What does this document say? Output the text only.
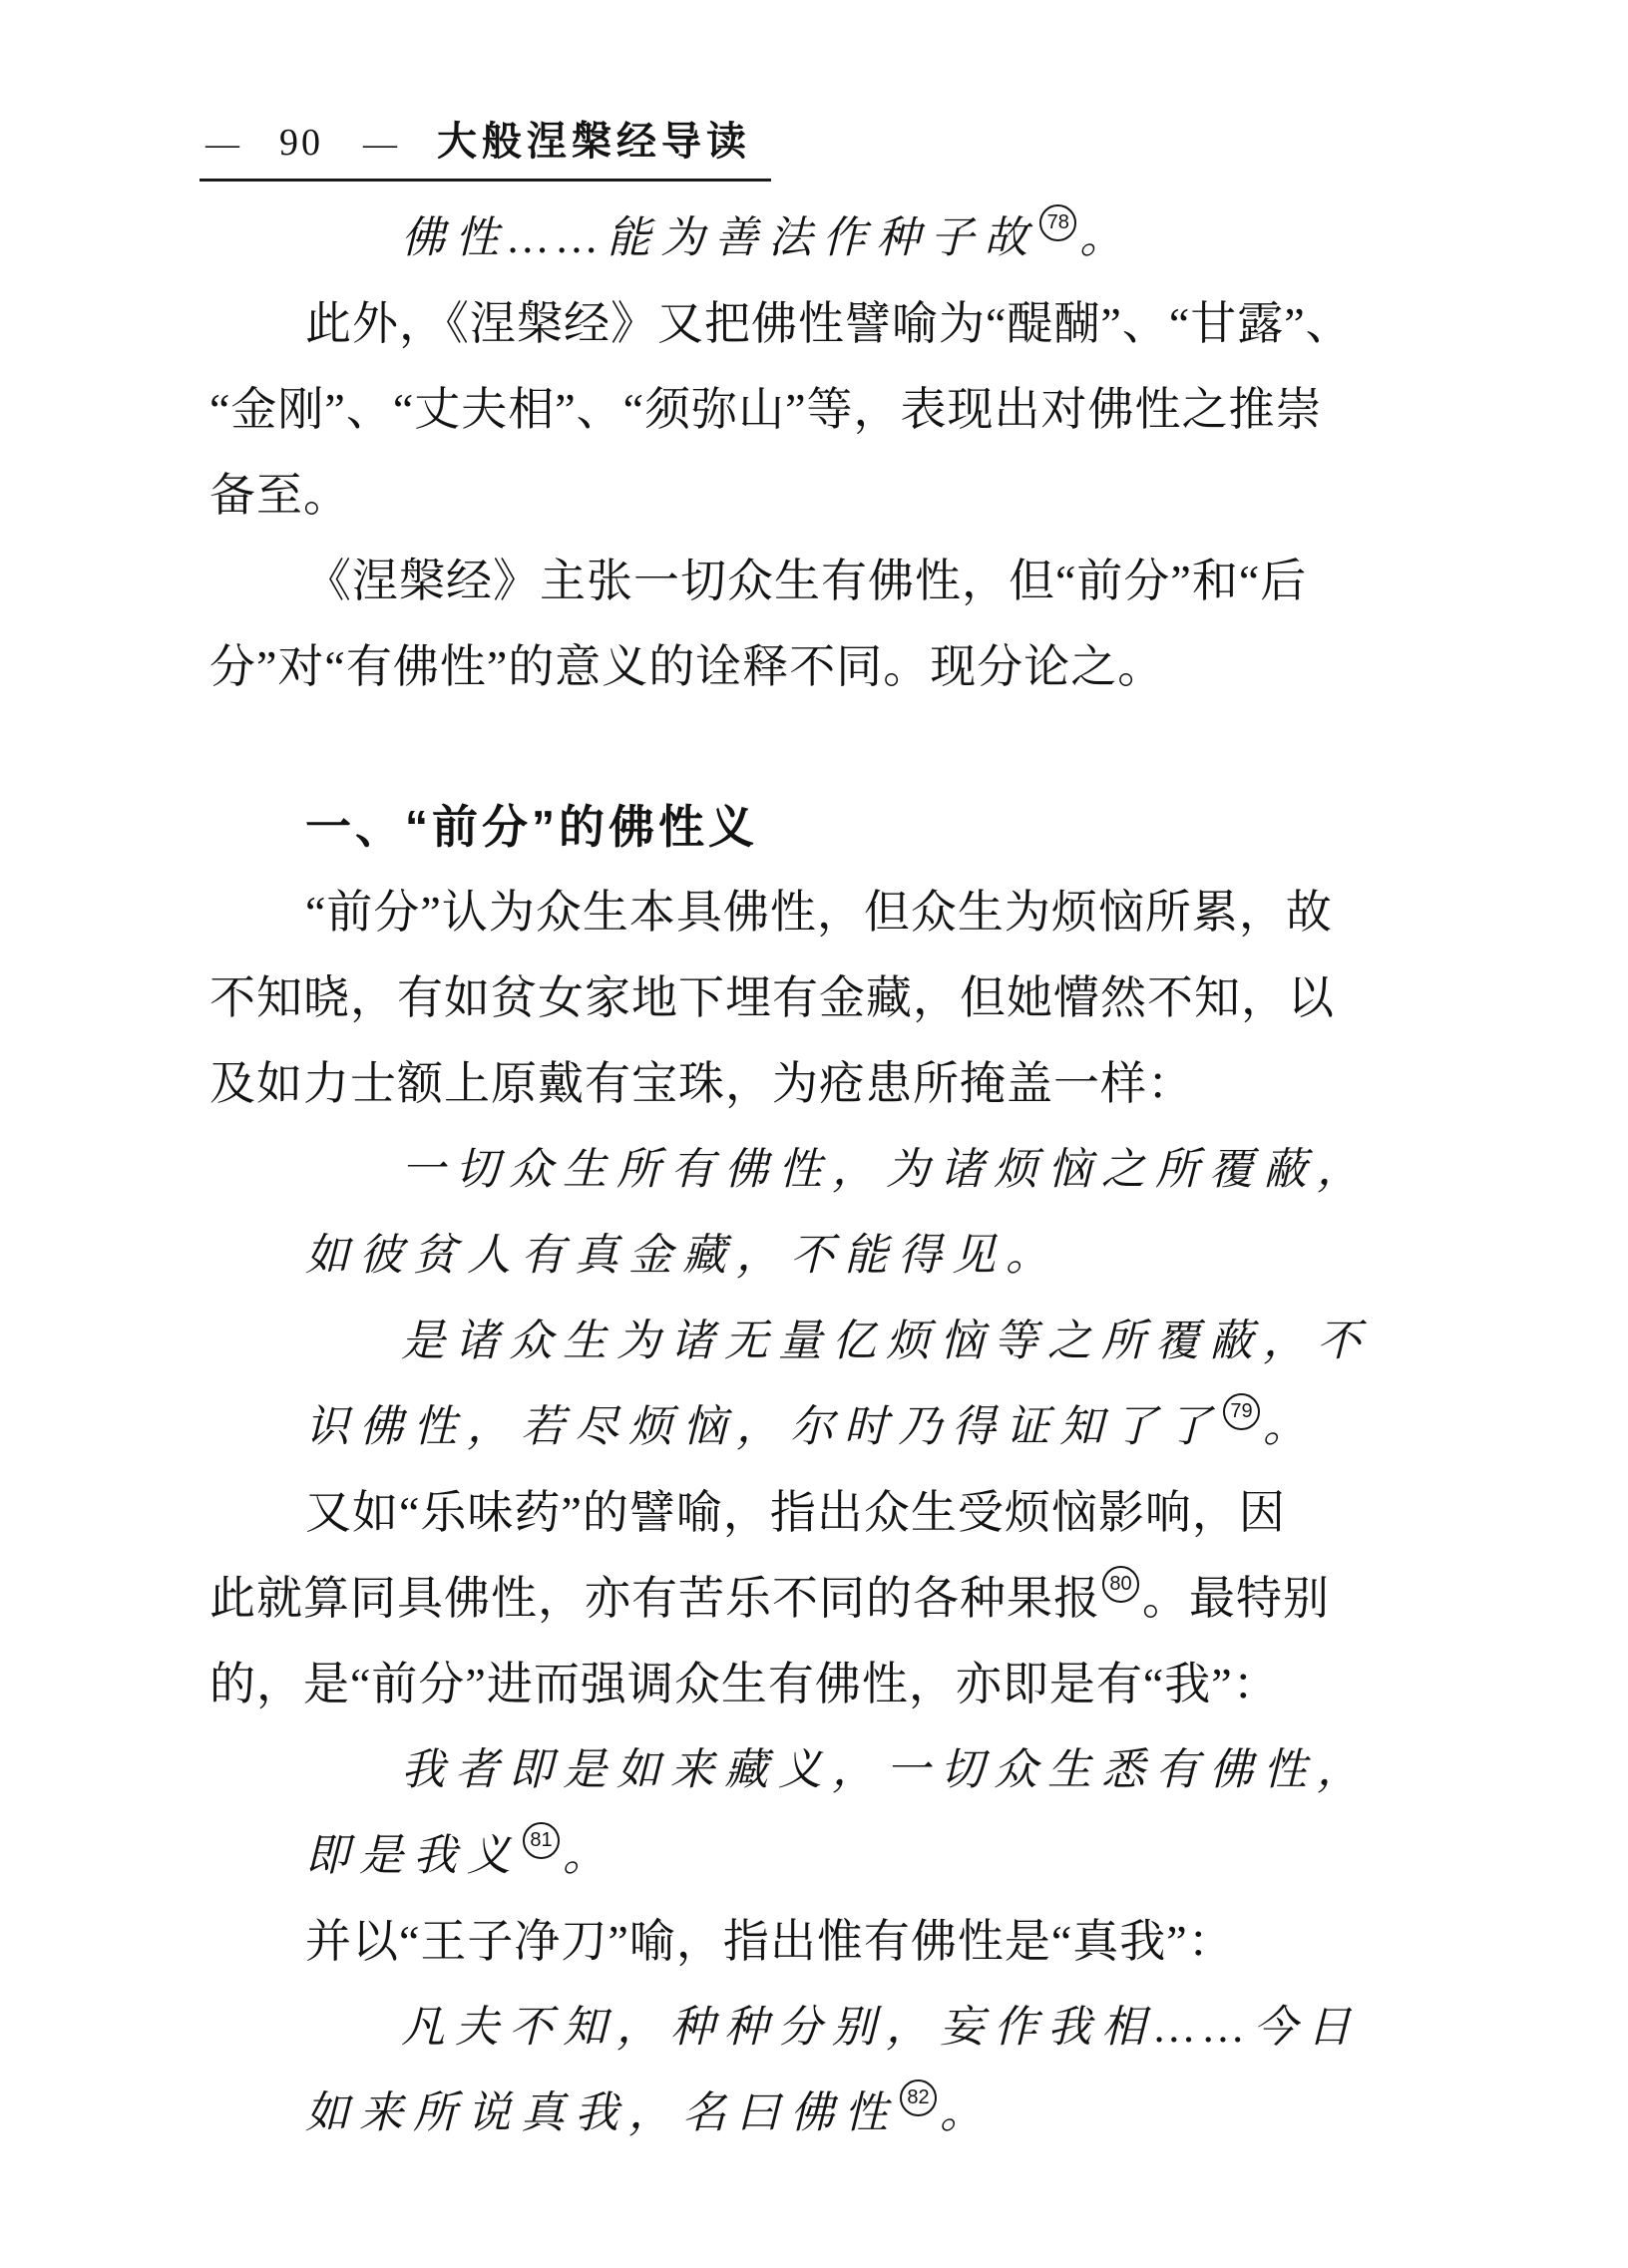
— 90 — 大般涅槃经导读
佛性……能为善法作种子故 78 。
此外，《涅槃经》又把佛性譬喻为“醍醐”、“甘露”、
“金刚”、“丈夫相”、“须弥山”等，表现出对佛性之推崇
备至。
《涅槃经》主张一切众生有佛性，但“前分”和“后
分”对“有佛性”的意义的诠释不同。现分论之。
一、“前分”的佛性义
“前分”认为众生本具佛性，但众生为烦恼所累，故
不知晓，有如贫女家地下埋有金藏，但她懵然不知，以
及如力士额上原戴有宝珠，为疮患所掩盖一样：
一切众生所有佛性，为诸烦恼之所覆蔽，
如彼贫人有真金藏，不能得见。
是诸众生为诸无量亿烦恼等之所覆蔽，不
识佛性，若尽烦恼，尔时乃得证知了了 79 。
又如“乐味药”的譬喻，指出众生受烦恼影响，因
此就算同具佛性，亦有苦乐不同的各种果报 80 。最特别
的，是“前分”进而强调众生有佛性，亦即是有“我”：
我者即是如来藏义，一切众生悉有佛性，
即是我义 81 。
并以“王子净刀”喻，指出惟有佛性是“真我”：
凡夫不知，种种分别，妄作我相……今日
如来所说真我，名曰佛性 82 。
